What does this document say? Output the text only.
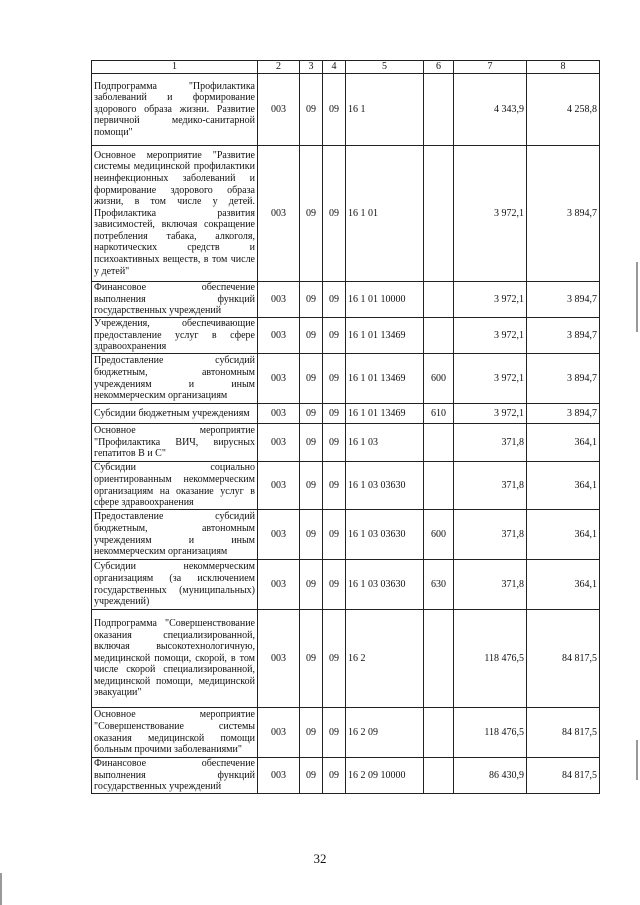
1	2	3	4	5	6	7	8
Подпрограмма "Профилактика заболеваний и формирование здорового образа жизни. Развитие первичной медико-санитарной помощи"	003	09	09	16 1		4 343,9	4 258,8
Основное мероприятие "Развитие системы медицинской профилактики неинфекционных заболеваний и формирование здорового образа жизни, в том числе у детей. Профилактика развития зависимостей, включая сокращение потребления табака, алкоголя, наркотических средств и психоактивных веществ, в том числе у детей"	003	09	09	16 1 01		3 972,1	3 894,7
Финансовое обеспечение выполнения функций государственных учреждений	003	09	09	16 1 01 10000		3 972,1	3 894,7
Учреждения, обеспечивающие предоставление услуг в сфере здравоохранения	003	09	09	16 1 01 13469		3 972,1	3 894,7
Предоставление субсидий бюджетным, автономным учреждениям и иным некоммерческим организациям	003	09	09	16 1 01 13469	600	3 972,1	3 894,7
Субсидии бюджетным учреждениям	003	09	09	16 1 01 13469	610	3 972,1	3 894,7
Основное мероприятие "Профилактика ВИЧ, вирусных гепатитов В и С"	003	09	09	16 1 03		371,8	364,1
Субсидии социально ориентированным некоммерческим организациям на оказание услуг в сфере здравоохранения	003	09	09	16 1 03 03630		371,8	364,1
Предоставление субсидий бюджетным, автономным учреждениям и иным некоммерческим организациям	003	09	09	16 1 03 03630	600	371,8	364,1
Субсидии некоммерческим организациям (за исключением государственных (муниципальных) учреждений)	003	09	09	16 1 03 03630	630	371,8	364,1
Подпрограмма "Совершенствование оказания специализированной, включая высокотехнологичную, медицинской помощи, скорой, в том числе скорой специализированной, медицинской помощи, медицинской эвакуации"	003	09	09	16 2		118 476,5	84 817,5
Основное мероприятие "Совершенствование системы оказания медицинской помощи больным прочими заболеваниями"	003	09	09	16 2 09		118 476,5	84 817,5
Финансовое обеспечение выполнения функций государственных учреждений	003	09	09	16 2 09 10000		86 430,9	84 817,5
32
